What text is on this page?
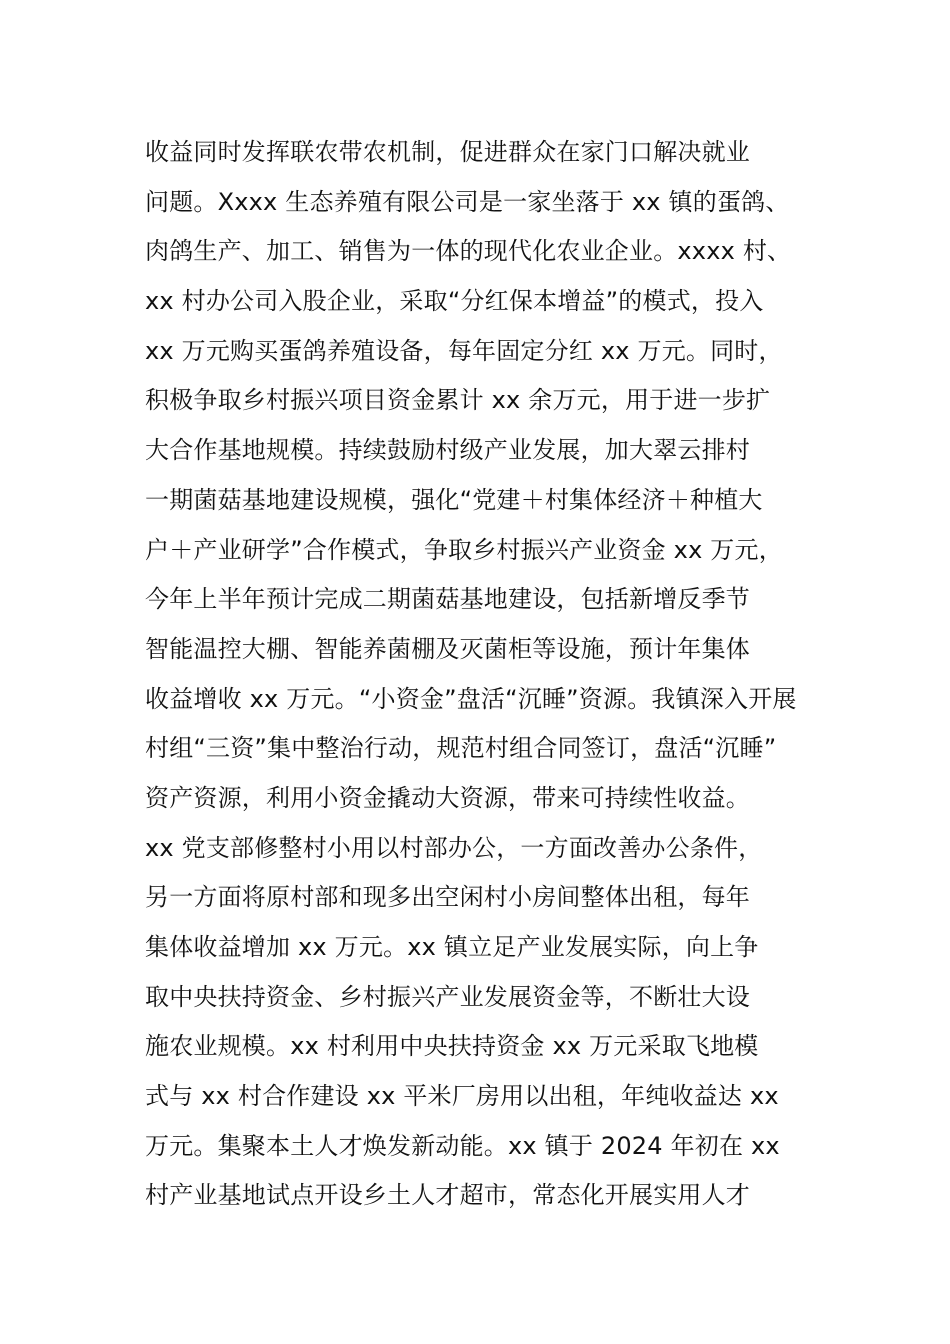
收益同时发挥联农带农机制，促进群众在家门口解决就业
问题。Xxxx 生态养殖有限公司是一家坐落于 xx 镇的蛋鸽、
肉鸽生产、加工、销售为一体的现代化农业企业。xxxx 村、
xx 村办公司入股企业，采取“分红保本增益”的模式，投入
xx 万元购买蛋鸽养殖设备，每年固定分红 xx 万元。同时，
积极争取乡村振兴项目资金累计 xx 余万元，用于进一步扩
大合作基地规模。持续鼓励村级产业发展，加大翠云排村
一期菌菇基地建设规模，强化“党建＋村集体经济＋种植大
户＋产业研学”合作模式，争取乡村振兴产业资金 xx 万元，
今年上半年预计完成二期菌菇基地建设，包括新增反季节
智能温控大棚、智能养菌棚及灭菌柜等设施，预计年集体
收益增收 xx 万元。“小资金”盘活“沉睡”资源。我镇深入开展
村组“三资”集中整治行动，规范村组合同签订，盘活“沉睡”
资产资源，利用小资金撬动大资源，带来可持续性收益。
xx 党支部修整村小用以村部办公，一方面改善办公条件，
另一方面将原村部和现多出空闲村小房间整体出租，每年
集体收益增加 xx 万元。xx 镇立足产业发展实际，向上争
取中央扶持资金、乡村振兴产业发展资金等，不断壮大设
施农业规模。xx 村利用中央扶持资金 xx 万元采取飞地模
式与 xx 村合作建设 xx 平米厂房用以出租，年纯收益达 xx
万元。集聚本土人才焕发新动能。xx 镇于 2024 年初在 xx
村产业基地试点开设乡土人才超市，常态化开展实用人才
